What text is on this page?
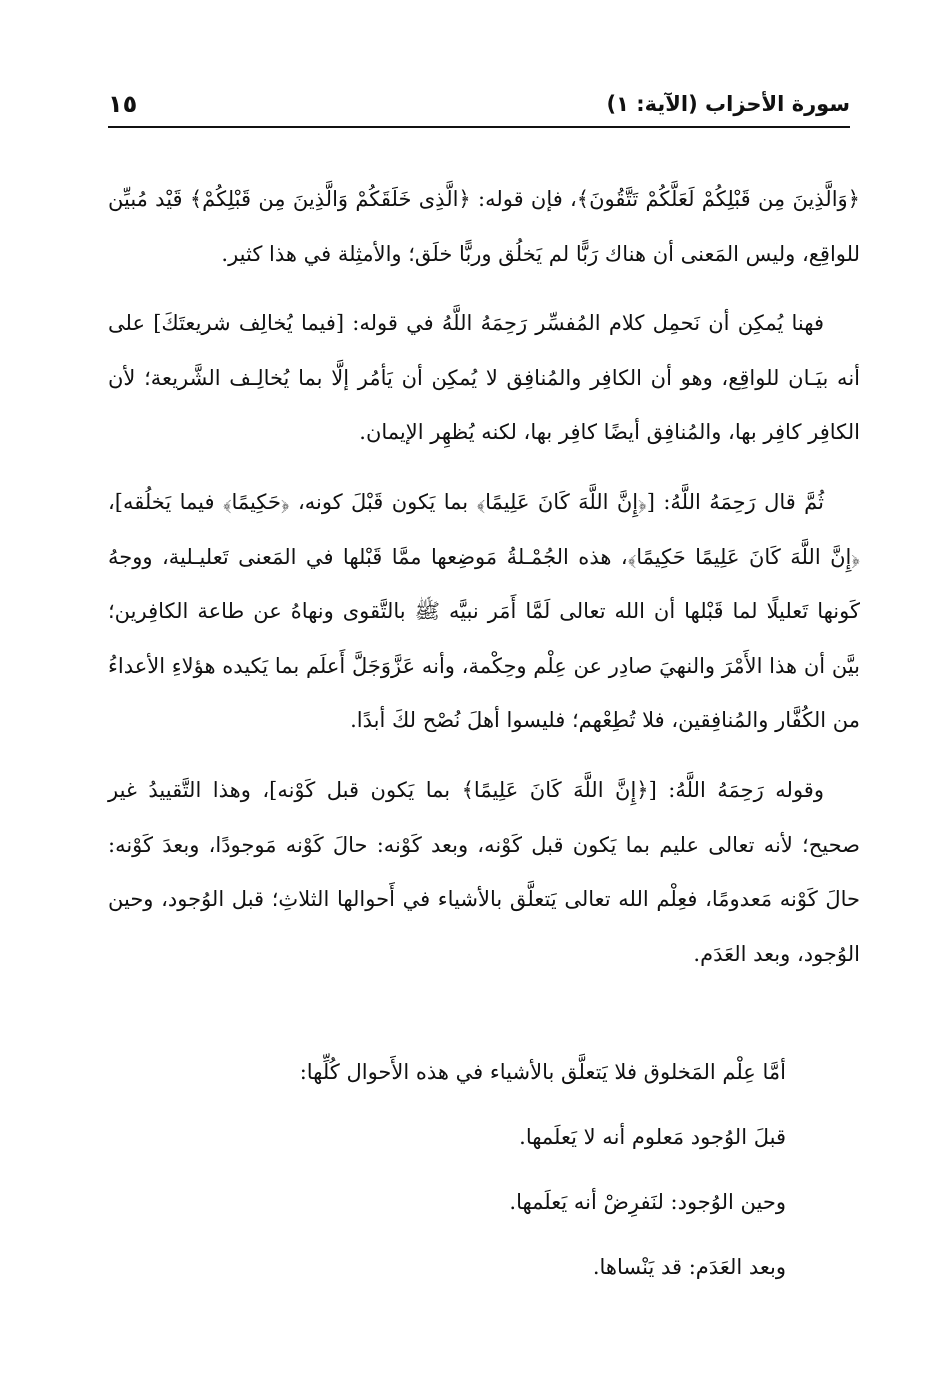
سورة الأحزاب (الآية: ١)
١٥

﴿وَالَّذِينَ مِن قَبْلِكُمْ لَعَلَّكُمْ تَتَّقُونَ﴾، فإن قوله: ﴿الَّذِى خَلَقَكُمْ وَالَّذِينَ مِن قَبْلِكُمْ﴾ قَيْد مُبيِّن للواقِع، وليس المَعنى أن هناك رَبًّا لم يَخلُق وربًّا خلَق؛ والأمثِلة في هذا كثير.

فهنا يُمكِن أن نَحمِل كلام المُفسِّر رَحِمَهُ اللَّهُ في قوله: [فيما يُخالِف شريعتَكَ] على أنه بيَـان للواقِع، وهو أن الكافِر والمُنافِق لا يُمكِن أن يَأمُر إلَّا بما يُخالِـف الشَّريعة؛ لأن الكافِر كافِر بها، والمُنافِق أيضًا كافِر بها، لكنه يُظهِر الإيمان.

ثُمَّ قال رَحِمَهُ اللَّهُ: [﴿إِنَّ اللَّهَ كَانَ عَلِيمًا﴾ بما يَكون قَبْلَ كونه، ﴿حَكِيمًا﴾ فيما يَخلُقه]، ﴿إِنَّ اللَّهَ كَانَ عَلِيمًا حَكِيمًا﴾، هذه الجُمْـلةُ مَوضِعها ممَّا قَبْلها في المَعنى تَعليـلية، ووجهُ كَونها تَعليلًا لما قَبْلها أن الله تعالى لَمَّا أَمَر نبيَّه ﷺ بالتَّقوى ونهاهُ عن طاعة الكافِرين؛ بيَّن أن هذا الأَمْرَ والنهيَ صادِر عن عِلْم وحِكْمة، وأنه عَزَّوَجَلَّ أَعلَم بما يَكيده هؤلاءِ الأعداءُ من الكُفَّار والمُنافِقين، فلا تُطِعْهم؛ فليسوا أهلَ نُصْح لكَ أبدًا.

وقوله رَحِمَهُ اللَّهُ: [﴿إِنَّ اللَّهَ كَانَ عَلِيمًا﴾ بما يَكون قبل كَوْنه]، وهذا التَّقييدُ غير صحيح؛ لأنه تعالى عليم بما يَكون قبل كَوْنه، وبعد كَوْنه: حالَ كَوْنه مَوجودًا، وبعدَ كَوْنه: حالَ كَوْنه مَعدومًا، فعِلْم الله تعالى يَتعلَّق بالأشياء في أَحوالها الثلاثِ؛ قبل الوُجود، وحين الوُجود، وبعد العَدَم.

أمَّا عِلْم المَخلوق فلا يَتعلَّق بالأشياء في هذه الأَحوال كُلِّها:
قبلَ الوُجود مَعلوم أنه لا يَعلَمها.
وحين الوُجود: لنَفرِضْ أنه يَعلَمها.
وبعد العَدَم: قد يَنْساها.
